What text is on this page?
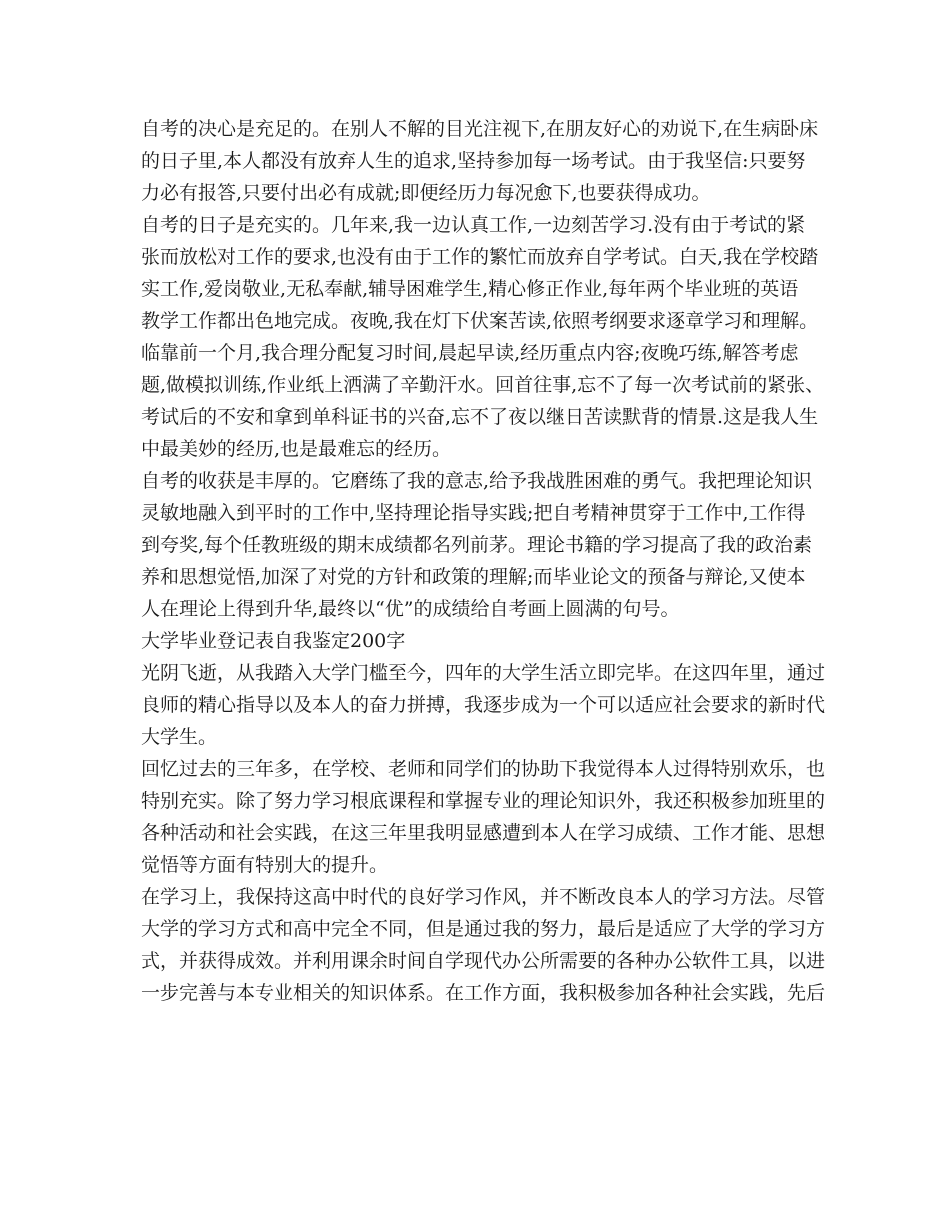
自考的决心是充足的。在别人不解的目光注视下,在朋友好心的劝说下,在生病卧床
的日子里,本人都没有放弃人生的追求,坚持参加每一场考试。由于我坚信:只要努
力必有报答,只要付出必有成就;即便经历力每况愈下,也要获得成功。
自考的日子是充实的。几年来,我一边认真工作,一边刻苦学习.没有由于考试的紧
张而放松对工作的要求,也没有由于工作的繁忙而放弃自学考试。白天,我在学校踏
实工作,爱岗敬业,无私奉献,辅导困难学生,精心修正作业,每年两个毕业班的英语
教学工作都出色地完成。夜晚,我在灯下伏案苦读,依照考纲要求逐章学习和理解。
临靠前一个月,我合理分配复习时间,晨起早读,经历重点内容;夜晚巧练,解答考虑
题,做模拟训练,作业纸上洒满了辛勤汗水。回首往事,忘不了每一次考试前的紧张、
考试后的不安和拿到单科证书的兴奋,忘不了夜以继日苦读默背的情景.这是我人生
中最美妙的经历,也是最难忘的经历。
自考的收获是丰厚的。它磨练了我的意志,给予我战胜困难的勇气。我把理论知识
灵敏地融入到平时的工作中,坚持理论指导实践;把自考精神贯穿于工作中,工作得
到夸奖,每个任教班级的期末成绩都名列前茅。理论书籍的学习提高了我的政治素
养和思想觉悟,加深了对党的方针和政策的理解;而毕业论文的预备与辩论,又使本
人在理论上得到升华,最终以“优”的成绩给自考画上圆满的句号。
大学毕业登记表自我鉴定200字
光阴飞逝，从我踏入大学门槛至今，四年的大学生活立即完毕。在这四年里，通过
良师的精心指导以及本人的奋力拼搏，我逐步成为一个可以适应社会要求的新时代
大学生。
回忆过去的三年多，在学校、老师和同学们的协助下我觉得本人过得特别欢乐，也
特别充实。除了努力学习根底课程和掌握专业的理论知识外，我还积极参加班里的
各种活动和社会实践，在这三年里我明显感遭到本人在学习成绩、工作才能、思想
觉悟等方面有特别大的提升。
在学习上，我保持这高中时代的良好学习作风，并不断改良本人的学习方法。尽管
大学的学习方式和高中完全不同，但是通过我的努力，最后是适应了大学的学习方
式，并获得成效。并利用课余时间自学现代办公所需要的各种办公软件工具，以进
一步完善与本专业相关的知识体系。在工作方面，我积极参加各种社会实践，先后
